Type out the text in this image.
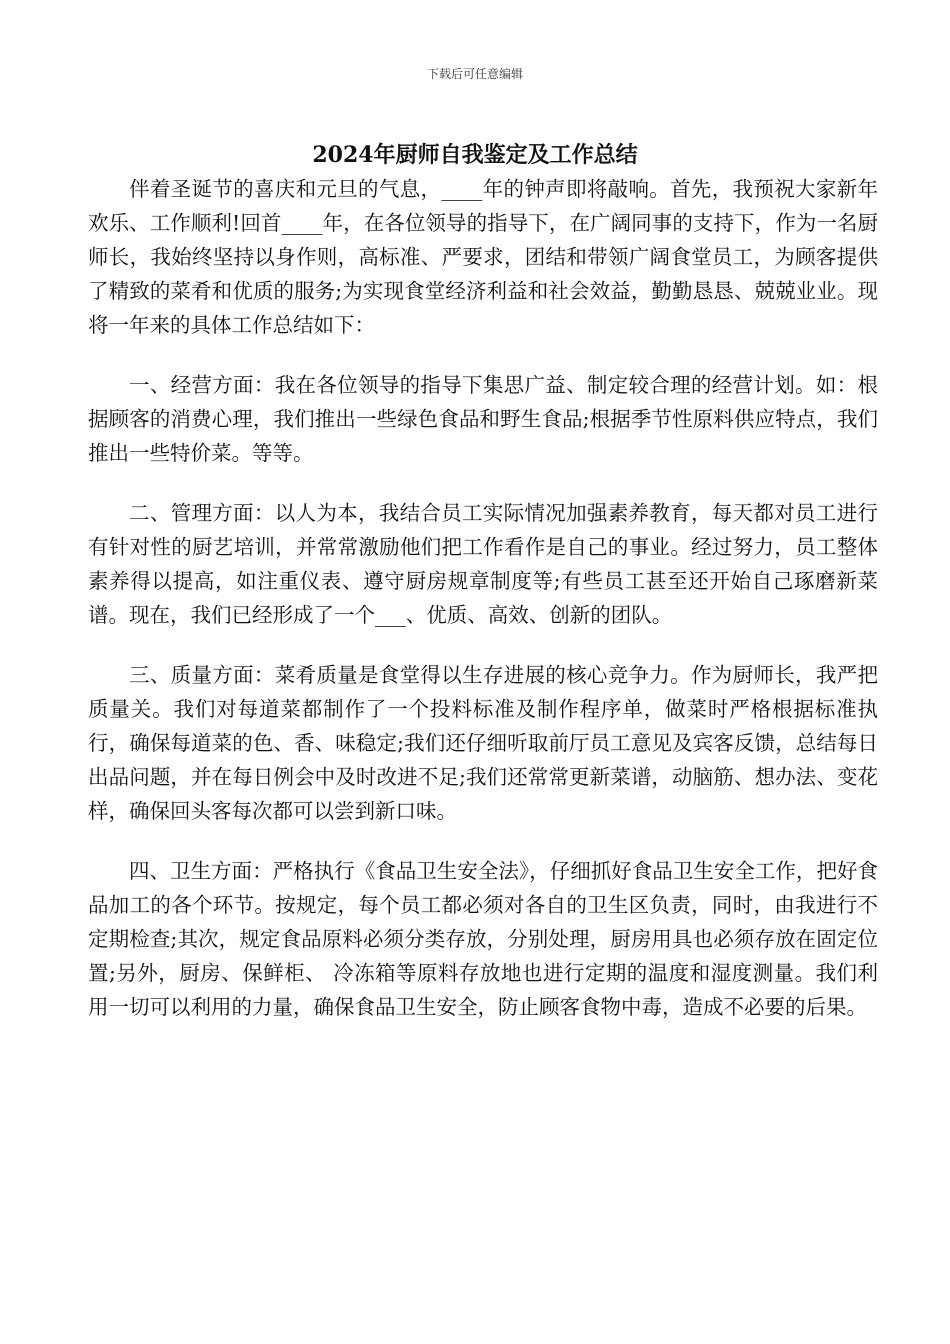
下载后可任意编辑
2024年厨师自我鉴定及工作总结

伴着圣诞节的喜庆和元旦的气息，____年的钟声即将敲响。首先，我预祝大家新年欢乐、工作顺利!回首____年，在各位领导的指导下，在广阔同事的支持下，作为一名厨师长，我始终坚持以身作则，高标准、严要求，团结和带领广阔食堂员工，为顾客提供了精致的菜肴和优质的服务;为实现食堂经济利益和社会效益，勤勤恳恳、兢兢业业。现将一年来的具体工作总结如下：

一、经营方面：我在各位领导的指导下集思广益、制定较合理的经营计划。如：根据顾客的消费心理，我们推出一些绿色食品和野生食品;根据季节性原料供应特点，我们推出一些特价菜。等等。

二、管理方面：以人为本，我结合员工实际情况加强素养教育，每天都对员工进行有针对性的厨艺培训，并常常激励他们把工作看作是自己的事业。经过努力，员工整体素养得以提高，如注重仪表、遵守厨房规章制度等;有些员工甚至还开始自己琢磨新菜谱。现在，我们已经形成了一个___、优质、高效、创新的团队。

三、质量方面：菜肴质量是食堂得以生存进展的核心竞争力。作为厨师长，我严把质量关。我们对每道菜都制作了一个投料标准及制作程序单，做菜时严格根据标准执行，确保每道菜的色、香、味稳定;我们还仔细听取前厅员工意见及宾客反馈，总结每日出品问题，并在每日例会中及时改进不足;我们还常常更新菜谱，动脑筋、想办法、变花样，确保回头客每次都可以尝到新口味。

四、卫生方面：严格执行《食品卫生安全法》，仔细抓好食品卫生安全工作，把好食品加工的各个环节。按规定，每个员工都必须对各自的卫生区负责，同时，由我进行不定期检查;其次，规定食品原料必须分类存放，分别处理，厨房用具也必须存放在固定位置;另外，厨房、保鲜柜、 冷冻箱等原料存放地也进行定期的温度和湿度测量。我们利用一切可以利用的力量，确保食品卫生安全，防止顾客食物中毒，造成不必要的后果。
